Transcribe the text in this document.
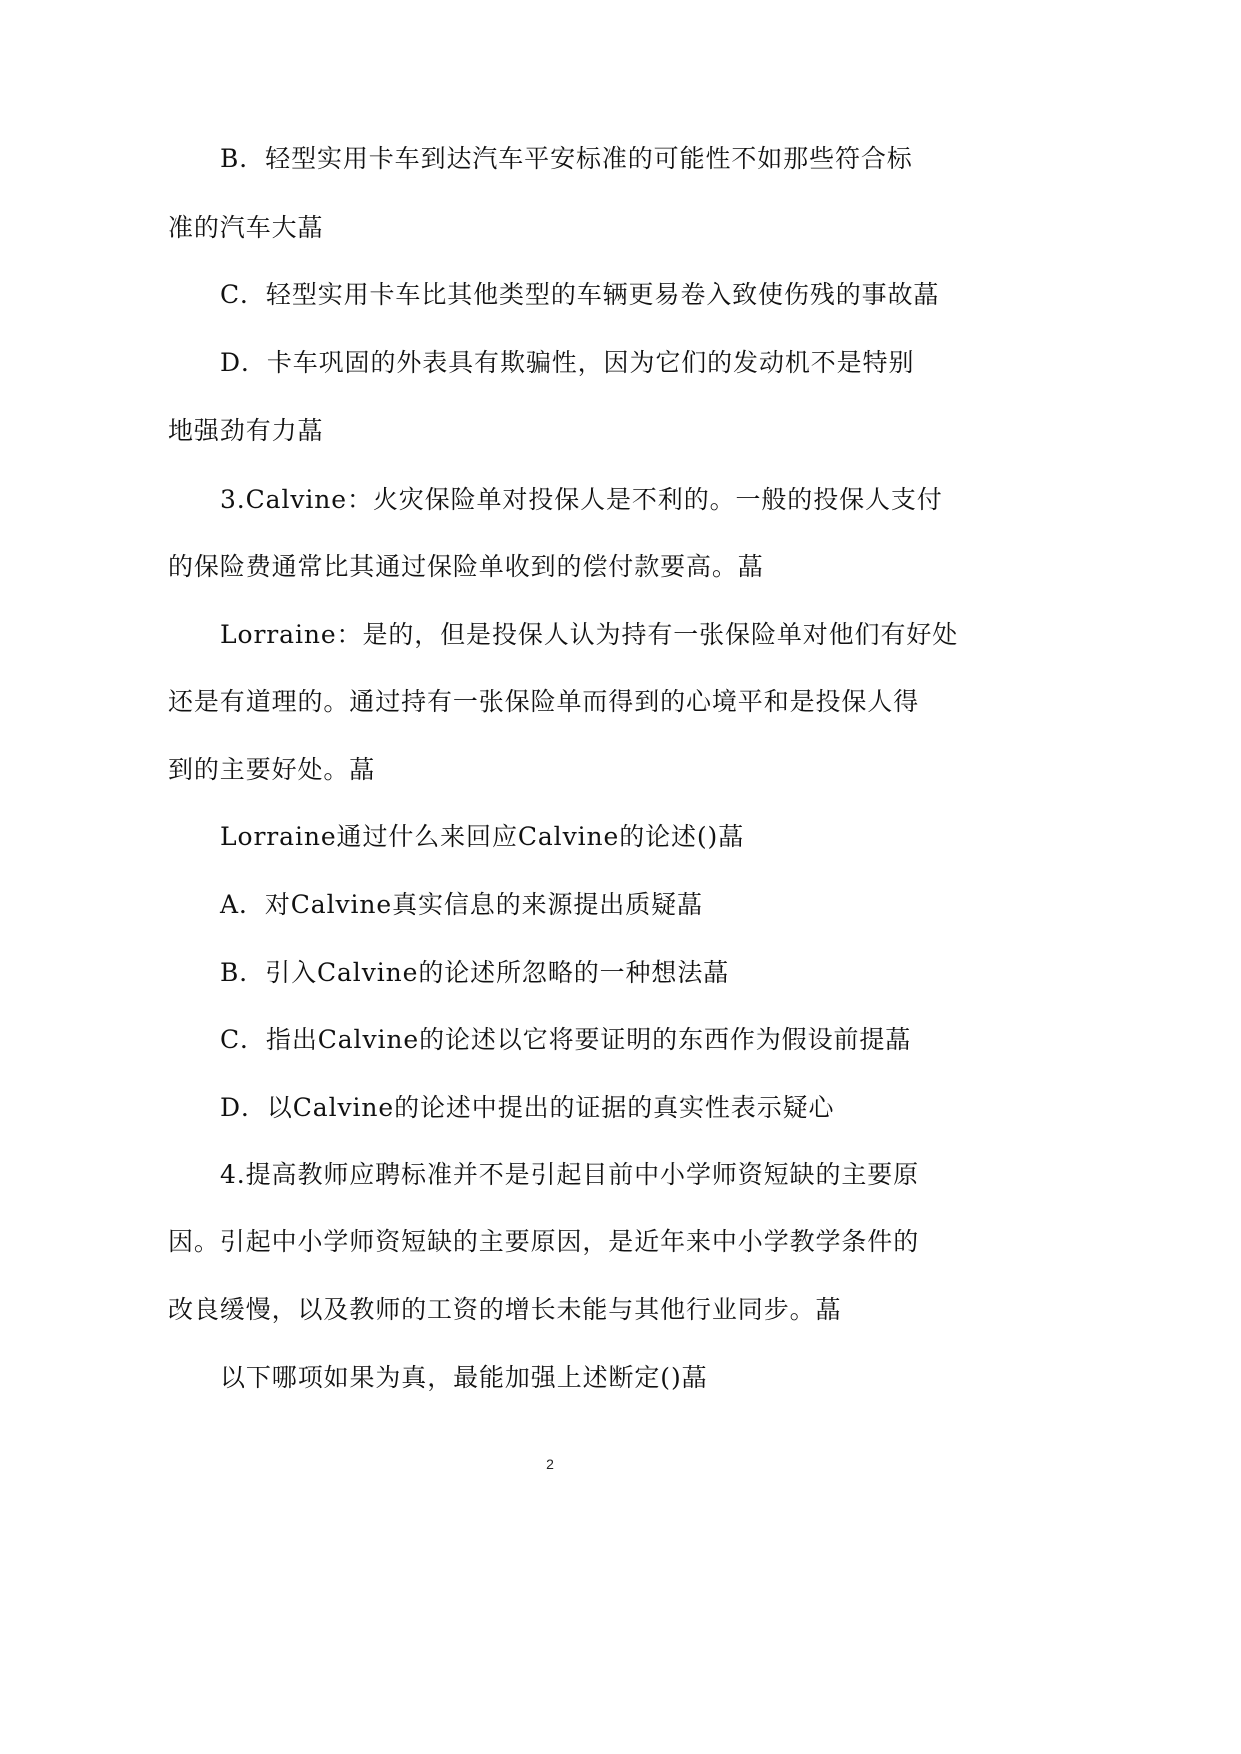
B．轻型实用卡车到达汽车平安标准的可能性不如那些符合标
准的汽车大蕌
C．轻型实用卡车比其他类型的车辆更易卷入致使伤残的事故蕌
D．卡车巩固的外表具有欺骗性，因为它们的发动机不是特别
地强劲有力蕌
3.Calvine：火灾保险单对投保人是不利的。一般的投保人支付
的保险费通常比其通过保险单收到的偿付款要高。蕌
Lorraine：是的，但是投保人认为持有一张保险单对他们有好处
还是有道理的。通过持有一张保险单而得到的心境平和是投保人得
到的主要好处。蕌
Lorraine通过什么来回应Calvine的论述()蕌
A．对Calvine真实信息的来源提出质疑蕌
B．引入Calvine的论述所忽略的一种想法蕌
C．指出Calvine的论述以它将要证明的东西作为假设前提蕌
D．以Calvine的论述中提出的证据的真实性表示疑心
4.提高教师应聘标准并不是引起目前中小学师资短缺的主要原
因。引起中小学师资短缺的主要原因，是近年来中小学教学条件的
改良缓慢，以及教师的工资的增长未能与其他行业同步。蕌
以下哪项如果为真，最能加强上述断定()蕌
2
